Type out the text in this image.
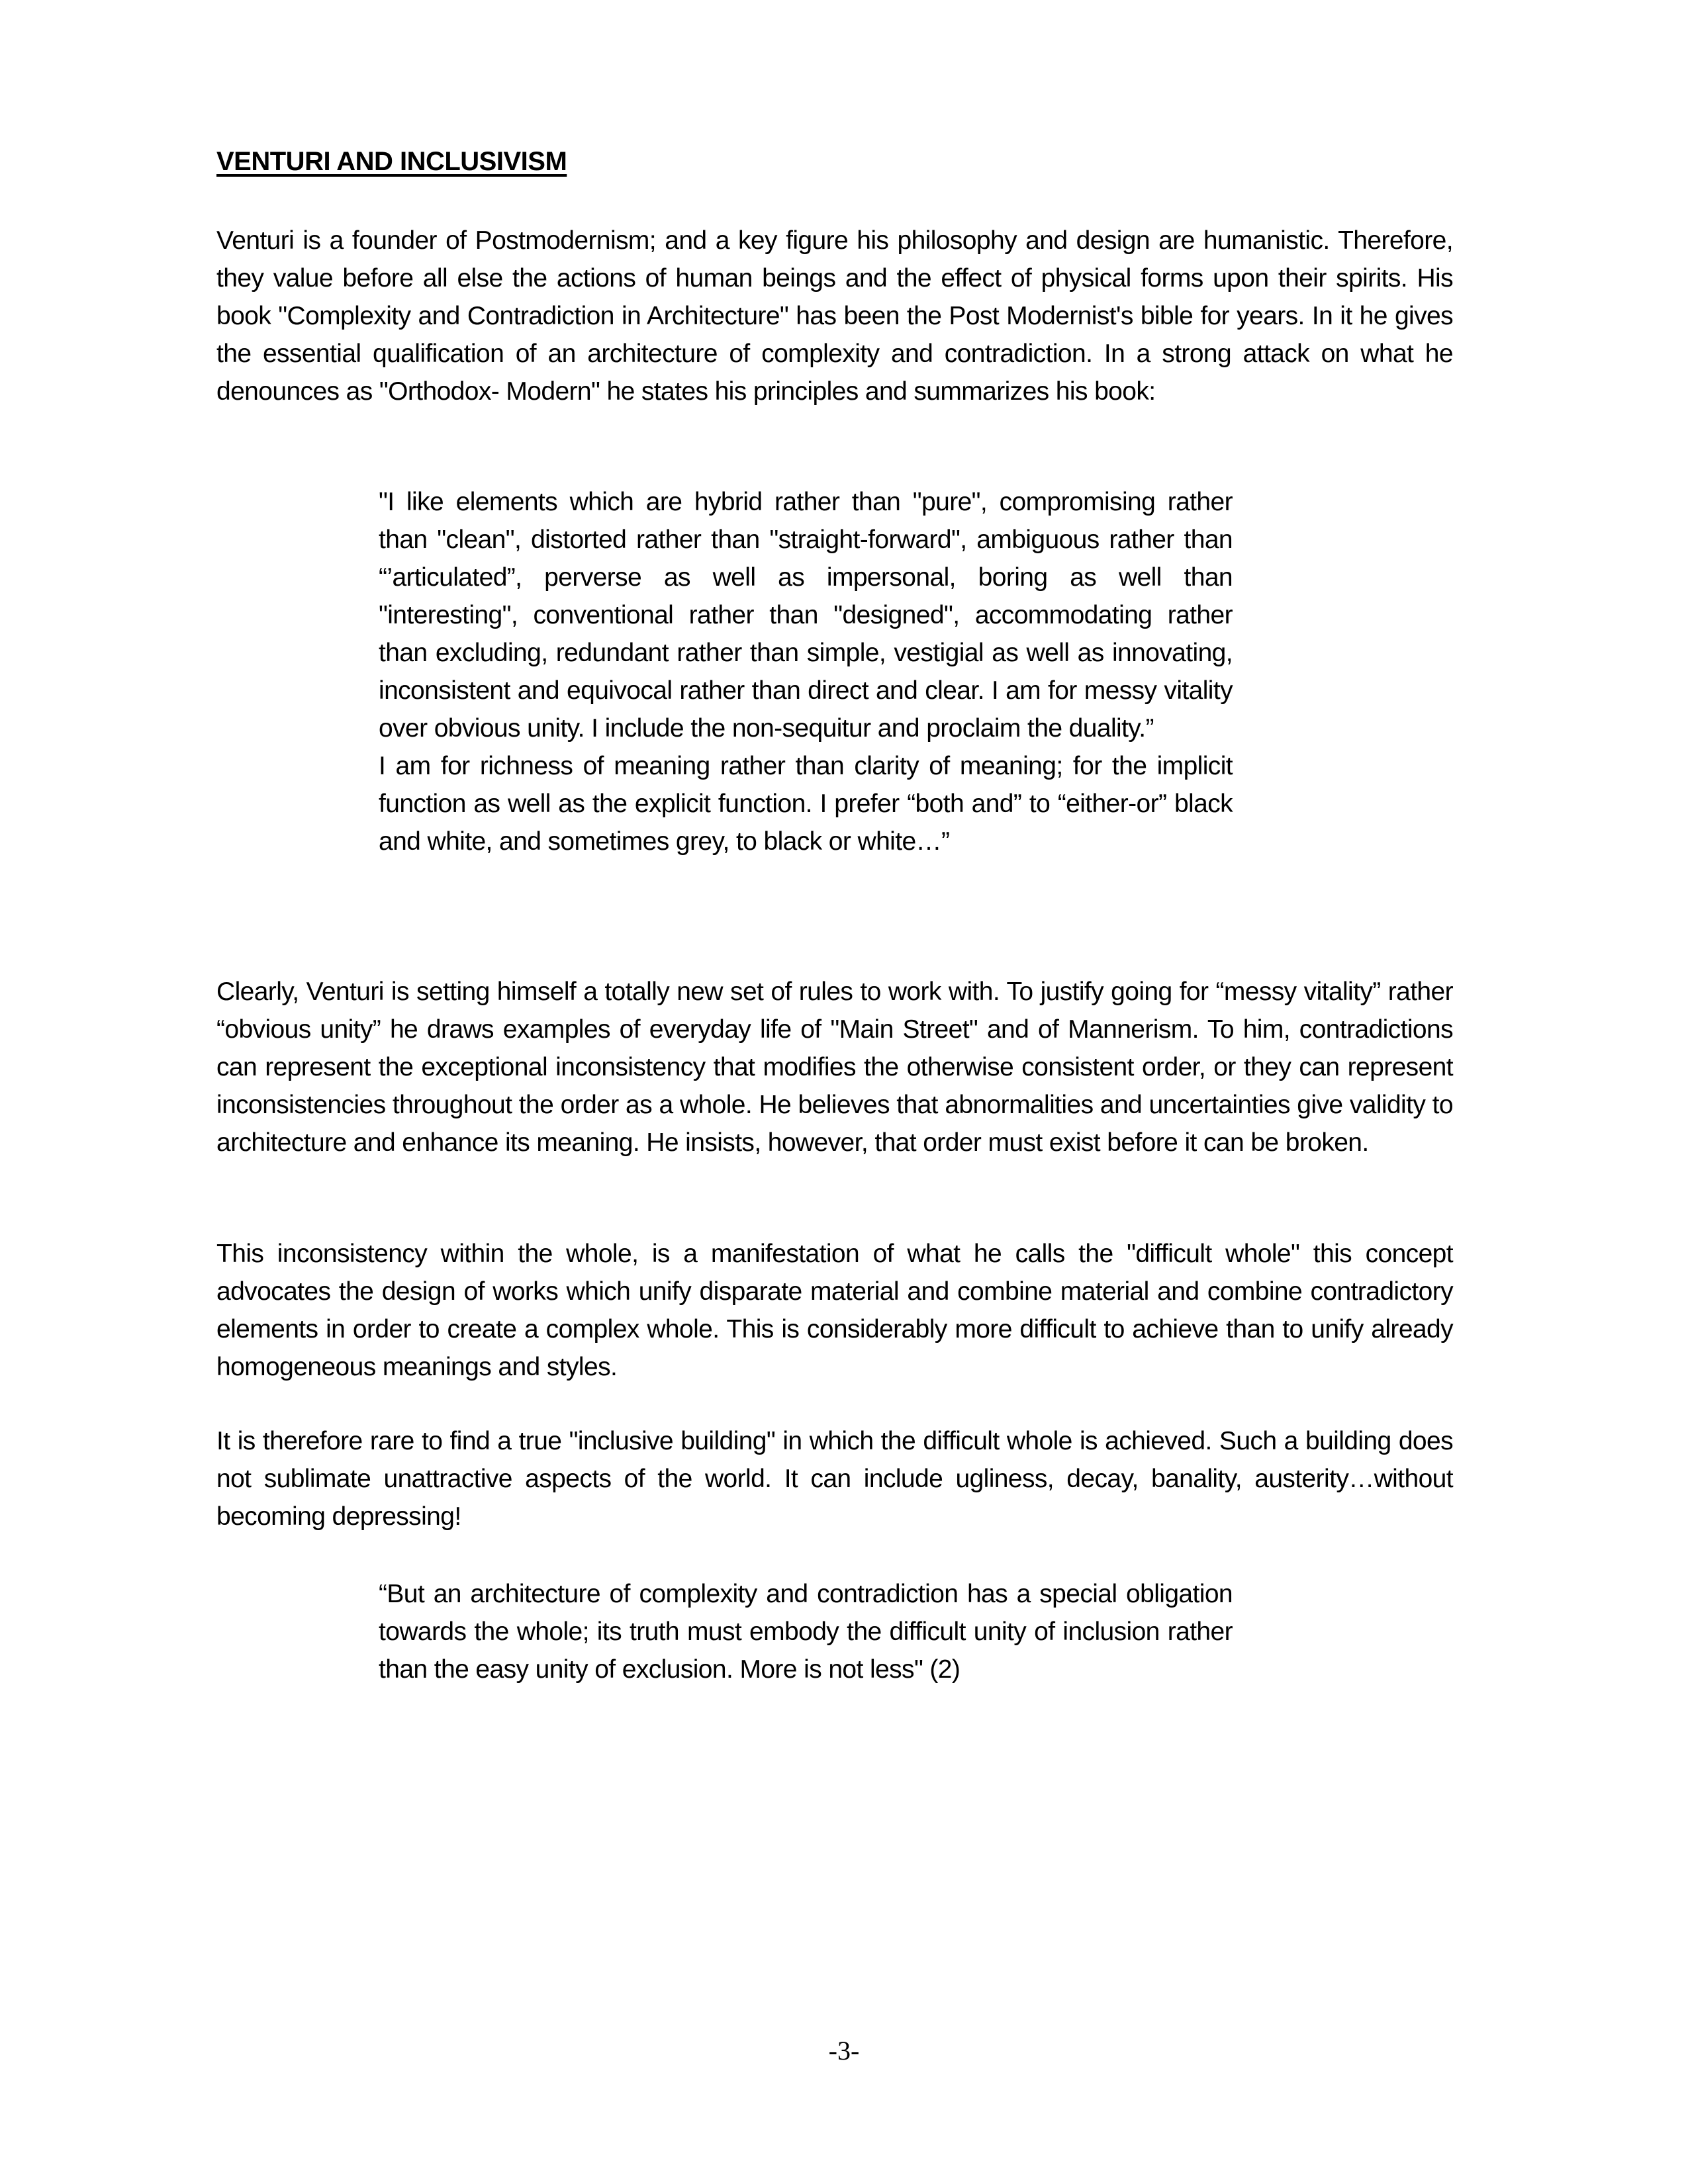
VENTURI AND INCLUSIVISM

Venturi is a founder of Postmodernism; and a key figure his philosophy and design are humanistic. Therefore, they value before all else the actions of human beings and the effect of physical forms upon their spirits. His book "Complexity and Contradiction in Architecture" has been the Post Modernist's bible for years. In it he gives the essential qualification of an architecture of complexity and contradiction. In a strong attack on what he denounces as "Orthodox- Modern" he states his principles and summarizes his book:

"I like elements which are hybrid rather than "pure", compromising rather than "clean", distorted rather than "straight-forward", ambiguous rather than “’articulated”, perverse as well as impersonal, boring as well than "interesting", conventional rather than "designed", accommodating rather than excluding, redundant rather than simple, vestigial as well as innovating, inconsistent and equivocal rather than direct and clear. I am for messy vitality over obvious unity. I include the non-sequitur and proclaim the duality.”
I am for richness of meaning rather than clarity of meaning; for the implicit function as well as the explicit function. I prefer “both and” to “either-or” black and white, and sometimes grey, to black or white…”

Clearly, Venturi is setting himself a totally new set of rules to work with. To justify going for “messy vitality” rather “obvious unity” he draws examples of everyday life of "Main Street" and of Mannerism. To him, contradictions can represent the exceptional inconsistency that modifies the otherwise consistent order, or they can represent inconsistencies throughout the order as a whole. He believes that abnormalities and uncertainties give validity to architecture and enhance its meaning. He insists, however, that order must exist before it can be broken.

This inconsistency within the whole, is a manifestation of what he calls the "difficult whole" this concept advocates the design of works which unify disparate material and combine material and combine contradictory elements in order to create a complex whole. This is considerably more difficult to achieve than to unify already homogeneous meanings and styles.

It is therefore rare to find a true "inclusive building" in which the difficult whole is achieved. Such a building does not sublimate unattractive aspects of the world. It can include ugliness, decay, banality, austerity…without becoming depressing!

“But an architecture of complexity and contradiction has a special obligation towards the whole; its truth must embody the difficult unity of inclusion rather than the easy unity of exclusion. More is not less" (2)
-3-
